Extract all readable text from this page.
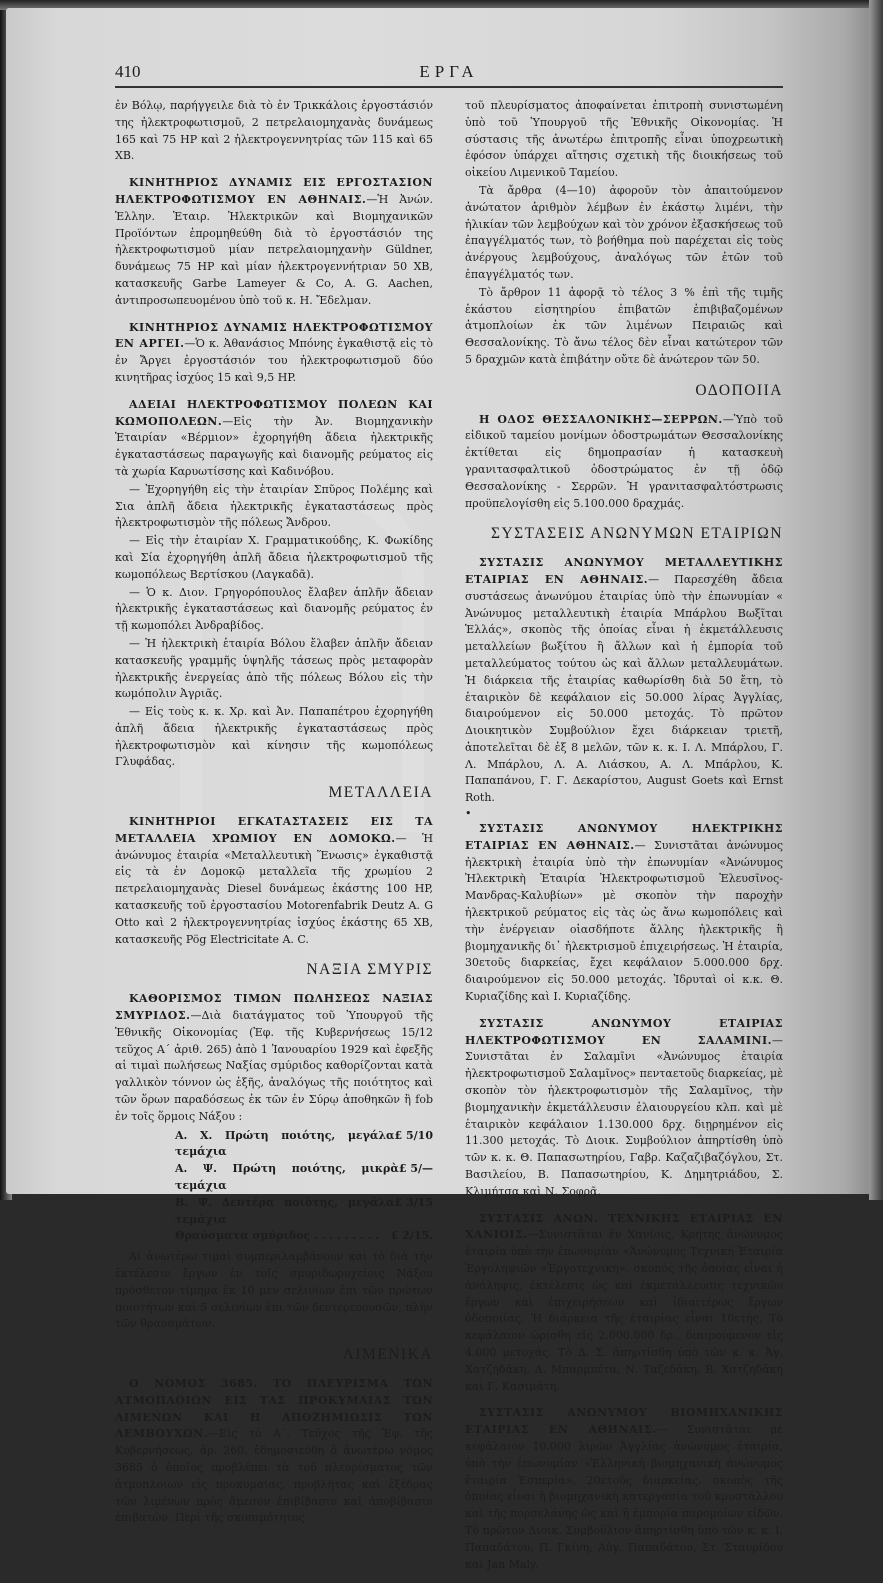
410	ΕΡΓΑ

ἐν Βόλῳ, παρήγγειλε διὰ τὸ ἐν Τρικκάλοις ἐργοστάσιόν της ἠλεκτροφωτισμοῦ, 2 πετρελαιομηχανὰς δυνάμεως 165 καὶ 75 HP καὶ 2 ἠλεκτρογεννητρίας τῶν 115 καὶ 65 ΧΒ.

ΚΙΝΗΤΗΡΙΟΣ ΔΥΝΑΜΙΣ ΕΙΣ ΕΡΓΟΣΤΑΣΙΟΝ ΗΛΕΚΤΡΟΦΩΤΙΣΜΟΥ ΕΝ ΑΘΗΝΑΙΣ.—Ἡ Ἀνών. Ἑλλην. Ἑταιρ. Ἠλεκτρικῶν καὶ Βιομηχανικῶν Προϊόντων ἐπρομηθεύθη διὰ τὸ ἐργοστάσιόν της ἠλεκτροφωτισμοῦ μίαν πετρελαιομηχανὴν Güldner, δυνάμεως 75 HP καὶ μίαν ἠλεκτρογεννήτριαν 50 ΧΒ, κατασκευῆς Garbe Lameyer & Co, A. G. Aachen, ἀντιπροσωπευομένου ὑπὸ τοῦ κ. Η. Ἔδελμαν.

ΚΙΝΗΤΗΡΙΟΣ ΔΥΝΑΜΙΣ ΗΛΕΚΤΡΟΦΩΤΙΣΜΟΥ ΕΝ ΑΡΓΕΙ.—Ὁ κ. Ἀθανάσιος Μπόνης ἐγκαθιστᾷ εἰς τὸ ἐν Ἄργει ἐργοστάσιόν του ἠλεκτροφωτισμοῦ δύο κινητῆρας ἰσχύος 15 καὶ 9,5 HP.

ΑΔΕΙΑΙ ΗΛΕΚΤΡΟΦΩΤΙΣΜΟΥ ΠΟΛΕΩΝ ΚΑΙ ΚΩΜΟΠΟΛΕΩΝ.—Εἰς τὴν Ἀν. Βιομηχανικὴν Ἑταιρίαν «Βέρμιον» ἐχορηγήθη ἄδεια ἠλεκτρικῆς ἐγκαταστάσεως παραγωγῆς καὶ διανομῆς ρεύματος εἰς τὰ χωρία Καρυωτίσσης καὶ Καδινόβου.

— Ἐχορηγήθη εἰς τὴν ἑταιρίαν Σπῦρος Πολέμης καὶ Σια ἁπλῆ ἄδεια ἠλεκτρικῆς ἐγκαταστάσεως πρὸς ἠλεκτροφωτισμὸν τῆς πόλεως Ἄνδρου.

— Εἰς τὴν ἑταιρίαν Χ. Γραμματικούδης, Κ. Φωκίδης καὶ Σία ἐχορηγήθη ἁπλῆ ἄδεια ἠλεκτροφωτισμοῦ τῆς κωμοπόλεως Βερτίσκου (Λαγκαδᾶ).

— Ὁ κ. Διον. Γρηγορόπουλος ἔλαβεν ἁπλῆν ἄδειαν ἠλεκτρικῆς ἐγκαταστάσεως καὶ διανομῆς ρεύματος ἐν τῇ κωμοπόλει Ἀνδραβίδος.

— Ἡ ἠλεκτρικὴ ἑταιρία Βόλου ἔλαβεν ἁπλῆν ἄδειαν κατασκευῆς γραμμῆς ὑψηλῆς τάσεως πρὸς μεταφορὰν ἠλεκτρικῆς ἐνεργείας ἀπὸ τῆς πόλεως Βόλου εἰς τὴν κωμόπολιν Ἀγριᾶς.

— Εἰς τοὺς κ. κ. Χρ. καὶ Ἀν. Παπαπέτρου ἐχορηγήθη ἁπλῆ ἄδεια ἠλεκτρικῆς ἐγκαταστάσεως πρὸς ἠλεκτροφωτισμὸν καὶ κίνησιν τῆς κωμοπόλεως Γλυφάδας.

ΜΕΤΑΛΛΕΙΑ

ΚΙΝΗΤΗΡΙΟΙ ΕΓΚΑΤΑΣΤΑΣΕΙΣ ΕΙΣ ΤΑ ΜΕΤΑΛΛΕΙΑ ΧΡΩΜΙΟΥ ΕΝ ΔΟΜΟΚΩ.— Ἡ ἀνώνυμος ἑταιρία «Μεταλλευτικὴ Ἕνωσις» ἐγκαθιστᾷ εἰς τὰ ἐν Δομοκῷ μεταλλεῖα τῆς χρωμίου 2 πετρελαιομηχανὰς Diesel δυνάμεως ἑκάστης 100 HP, κατασκευῆς τοῦ ἐργοστασίου Motorenfabrik Deutz A. G Otto καὶ 2 ἠλεκτρογεννητρίας ἰσχύος ἑκάστης 65 ΧΒ, κατασκευῆς Pög Electricitate A. C.

ΝΑΞΙΑ ΣΜΥΡΙΣ

ΚΑΘΟΡΙΣΜΟΣ ΤΙΜΩΝ ΠΩΛΗΣΕΩΣ ΝΑΞΙΑΣ ΣΜΥΡΙΔΟΣ.—Διὰ διατάγματος τοῦ Ὑπουργοῦ τῆς Ἐθνικῆς Οἰκονομίας (Ἐφ. τῆς Κυβερνήσεως 15/12 τεῦχος Α΄ ἀριθ. 265) ἀπὸ 1 Ἰανουαρίου 1929 καὶ ἐφεξῆς αἱ τιμαὶ πωλήσεως Ναξίας σμύριδος καθορίζονται κατὰ γαλλικὸν τόννον ὡς ἑξῆς, ἀναλόγως τῆς ποιότητος καὶ τῶν ὅρων παραδόσεως ἐκ τῶν ἐν Σύρῳ ἀποθηκῶν ἢ fob ἐν τοῖς ὅρμοις Νάξου :

Α. Χ. Πρώτη ποιότης, μεγάλα τεμάχια
£ 5/10
Α. Ψ. Πρώτη ποιότης, μικρὰ τεμάχια
£ 5/—
Β. Ψ. Δευτέρα ποιότης, μεγάλα τεμάχια
£ 3/15
Θραύσματα σμύριδος . . . . . . . . .	£ 2/15.

Αἱ ἀνωτέρω τιμαὶ συμπεριλαμβάνουν καὶ τὸ διὰ τὴν ἐκτέλεσιν ἔργων ἐν τοῖς σμυριδωρυχείοις Νάξου πρόσθετον τίμημα ἐκ 10 μὲν σελινίων ἐπὶ τῶν πρώτων ποιοτήτων καὶ 5 σελινίων ἐπὶ τῶν δευτερευουσῶν, πλὴν τῶν θραυσμάτων.

ΛΙΜΕΝΙΚΑ

Ο ΝΟΜΟΣ 3685. ΤΟ ΠΛΕΥΡΙΣΜΑ ΤΩΝ ΑΤΜΟΠΛΟΙΩΝ ΕΙΣ ΤΑΣ ΠΡΟΚΥΜΑΙΑΣ ΤΩΝ ΛΙΜΕΝΩΝ ΚΑΙ Η ΑΠΟΖΗΜΙΩΣΙΣ ΤΩΝ ΛΕΜΒΟΥΧΩΝ.—Εἰς τὸ Α΄. Τεῦχος τῆς Ἐφ. τῆς Κυβερνήσεως, ἀρ. 260, ἐδημοσιεύθη ὁ ἀνωτέρω νόμος 3685 ὁ ὁποῖος προβλέπει τὰ τοῦ πλευρίσματος τῶν ἀτμοπλοίων εἰς προκυμαίας, προβλῆτας καὶ ἐξέδρας τῶν λιμένων πρὸς ἄμεσον ἐπιβίβασιν καὶ ἀποβίβασιν ἐπιβατῶν. Περὶ τῆς σκοπιμότητος

τοῦ πλευρίσματος ἀποφαίνεται ἐπιτροπὴ συνιστωμένη ὑπὸ τοῦ Ὑπουργοῦ τῆς Ἐθνικῆς Οἰκονομίας. Ἡ σύστασις τῆς ἀνωτέρω ἐπιτροπῆς εἶναι ὑποχρεωτικὴ ἐφόσον ὑπάρχει αἴτησις σχετικὴ τῆς διοικήσεως τοῦ οἰκείου Λιμενικοῦ Ταμείου.

Τὰ ἄρθρα (4—10) ἀφοροῦν τὸν ἀπαιτούμενον ἀνώτατον ἀριθμὸν λέμβων ἐν ἑκάστῳ λιμένι, τὴν ἡλικίαν τῶν λεμβούχων καὶ τὸν χρόνον ἐξασκήσεως τοῦ ἐπαγγέλματός των, τὸ βοήθημα ποὺ παρέχεται εἰς τοὺς ἀνέργους λεμβούχους, ἀναλόγως τῶν ἐτῶν τοῦ ἐπαγγέλματός των.

Τὸ ἄρθρον 11 ἀφορᾷ τὸ τέλος 3 % ἐπὶ τῆς τιμῆς ἑκάστου εἰσητηρίου ἐπιβατῶν ἐπιβιβαζομένων ἀτμοπλοίων ἐκ τῶν λιμένων Πειραιῶς καὶ Θεσσαλονίκης. Τὸ ἄνω τέλος δὲν εἶναι κατώτερον τῶν 5 δραχμῶν κατὰ ἐπιβάτην οὔτε δὲ ἀνώτερον τῶν 50.

ΟΔΟΠΟΙΙΑ

Η ΟΔΟΣ ΘΕΣΣΑΛΟΝΙΚΗΣ—ΣΕΡΡΩΝ.—Ὑπὸ τοῦ εἰδικοῦ ταμείου μονίμων ὁδοστρωμάτων Θεσσαλονίκης ἐκτίθεται εἰς δημοπρασίαν ἡ κατασκευὴ γρανιτασφαλτικοῦ ὁδοστρώματος ἐν τῇ ὁδῷ Θεσσαλονίκης - Σερρῶν. Ἡ γρανιτασφαλτόστρωσις προϋπελογίσθη εἰς 5.100.000 δραχμάς.

ΣΥΣΤΑΣΕΙΣ ΑΝΩΝΥΜΩΝ ΕΤΑΙΡΙΩΝ

ΣΥΣΤΑΣΙΣ ΑΝΩΝΥΜΟΥ ΜΕΤΑΛΛΕΥΤΙΚΗΣ ΕΤΑΙΡΙΑΣ ΕΝ ΑΘΗΝΑΙΣ.— Παρεσχέθη ἄδεια συστάσεως ἀνωνύμου ἑταιρίας ὑπὸ τὴν ἐπωνυμίαν « Ἀνώνυμος μεταλλευτικὴ ἑταιρία Μπάρλου Βωξῖται Ἑλλάς», σκοπὸς τῆς ὁποίας εἶναι ἡ ἐκμετάλλευσις μεταλλείων βωξίτου ἢ ἄλλων καὶ ἡ ἐμπορία τοῦ μεταλλεύματος τούτου ὡς καὶ ἄλλων μεταλλευμάτων. Ἡ διάρκεια τῆς ἑταιρίας καθωρίσθη διὰ 50 ἔτη, τὸ ἑταιρικὸν δὲ κεφάλαιον εἰς 50.000 λίρας Ἀγγλίας, διαιρούμενον εἰς 50.000 μετοχάς. Τὸ πρῶτον Διοικητικὸν Συμβούλιον ἔχει διάρκειαν τριετῆ, ἀποτελεῖται δὲ ἐξ 8 μελῶν, τῶν κ. κ. Ι. Λ. Μπάρλου, Γ. Λ. Μπάρλου, Λ. Α. Λιάσκου, Α. Λ. Μπάρλου, Κ. Παπαπάνου, Γ. Γ. Δεκαρίστου, August Goets καὶ Ernst Roth.

•

ΣΥΣΤΑΣΙΣ ΑΝΩΝΥΜΟΥ ΗΛΕΚΤΡΙΚΗΣ ΕΤΑΙΡΙΑΣ ΕΝ ΑΘΗΝΑΙΣ.— Συνιστᾶται ἀνώνυμος ἠλεκτρικὴ ἑταιρία ὑπὸ τὴν ἐπωνυμίαν «Ἀνώνυμος Ἠλεκτρικὴ Ἑταιρία Ἠλεκτροφωτισμοῦ Ἐλευσῖνος-Μανδρας-Καλυβίων» μὲ σκοπὸν τὴν παροχὴν ἠλεκτρικοῦ ρεύματος εἰς τὰς ὡς ἄνω κωμοπόλεις καὶ τὴν ἐνέργειαν οἱασδήποτε ἄλλης ἠλεκτρικῆς ἢ βιομηχανικῆς δι᾽ ἠλεκτρισμοῦ ἐπιχειρήσεως. Ἡ ἑταιρία, 30ετοῦς διαρκείας, ἔχει κεφάλαιον 5.000.000 δρχ. διαιρούμενον εἰς 50.000 μετοχάς. Ἱδρυταὶ οἱ κ.κ. Θ. Κυριαζίδης καὶ Ι. Κυριαζίδης.

ΣΥΣΤΑΣΙΣ ΑΝΩΝΥΜΟΥ ΕΤΑΙΡΙΑΣ ΗΛΕΚΤΡΟΦΩΤΙΣΜΟΥ ΕΝ ΣΑΛΑΜΙΝΙ.— Συνιστᾶται ἐν Σαλαμῖνι «Ἀνώνυμος ἑταιρία ἠλεκτροφωτισμοῦ Σαλαμῖνος» πενταετοῦς διαρκείας, μὲ σκοπὸν τὸν ἠλεκτροφωτισμὸν τῆς Σαλαμῖνος, τὴν βιομηχανικὴν ἐκμετάλλευσιν ἐλαιουργείου κλπ. καὶ μὲ ἑταιρικὸν κεφάλαιον 1.130.000 δρχ. διῃρημένον εἰς 11.300 μετοχάς. Τὸ Διοικ. Συμβούλιον ἀπηρτίσθη ὑπὸ τῶν κ. κ. Θ. Παπασωτηρίου, Γαβρ. Καζαζιβαζόγλου, Στ. Βασιλείου, Β. Παπασωτηρίου, Κ. Δημητριάδου, Σ. Κλιμήτσα καὶ Ν. Σοφρᾶ.

ΣΥΣΤΑΣΙΣ ΑΝΩΝ. ΤΕΧΝΙΚΗΣ ΕΤΑΙΡΙΑΣ ΕΝ ΧΑΝΙΟΙΣ.—Συνιστᾶται ἐν Χανίοις, Κρήτης ἀνώνυμος ἑταιρία ὑπὸ τὴν ἐπωνυμίαν «Ἀνώνυμος Τεχνικὴ Ἑταιρία Ἐργοληψιῶν «Ἐργοτεχνική», σκοπὸς τῆς ὁποίας εἶναι ἡ ἀνάληψις, ἐκτέλεσις ὡς καὶ ἐκμετάλλευσις τεχνικῶν ἔργων καὶ ἐπιχειρήσεων καὶ ἰδιαιτέρως ἔργων ὁδοποιίας. Ἡ διάρκεια τῆς ἑταιρίας εἶναι 10ετής. Τὸ κεφάλαιον ὡρίσθη εἰς 2.000.000 δρ., διαιρούμενον εἰς 4.000 μετοχάς. Τὸ Δ. Σ. ἀπηρτίσθη ὑπὸ τῶν κ. κ. Ἀγ. Χατζηδάκη, Δ. Μπαρμπέτα, Ν. Ταζεδάκη, Β. Χατζηδάκη καὶ Γ. Κασιμάτη.

ΣΥΣΤΑΣΙΣ ΑΝΩΝΥΜΟΥ ΒΙΟΜΗΧΑΝΙΚΗΣ ΕΤΑΙΡΙΑΣ ΕΝ ΑΘΗΝΑΙΣ.— Συνιστᾶται μὲ κεφάλαιον 10.000 λιρῶν Ἀγγλίας ἀνώνυμος ἑταιρία, ὑπὸ τὴν ἐπωνυμίαν «Ἑλληνικὴ βιομηχανικὴ ἀνώνυμος ἑταιρία Ἑσπερία», 20ετοῦς διαρκείας, σκοπὸς τῆς ὁποίας εἶναι ἡ βιομηχανικὴ κατεργασία τοῦ κρυστάλλου καὶ τῆς πορσελάνης ὡς καὶ ἡ ἐμπορία παρομοίων εἰδῶν. Τὸ πρῶτον Διοικ. Συμβούλιον ἀπηρτίσθη ὑπὸ τῶν κ. κ. Ι. Παπαδάτου, Π. Γκίνη, Αὐγ. Παπαδάτου, Στ. Σταυρίδου καὶ Jan Maly.
